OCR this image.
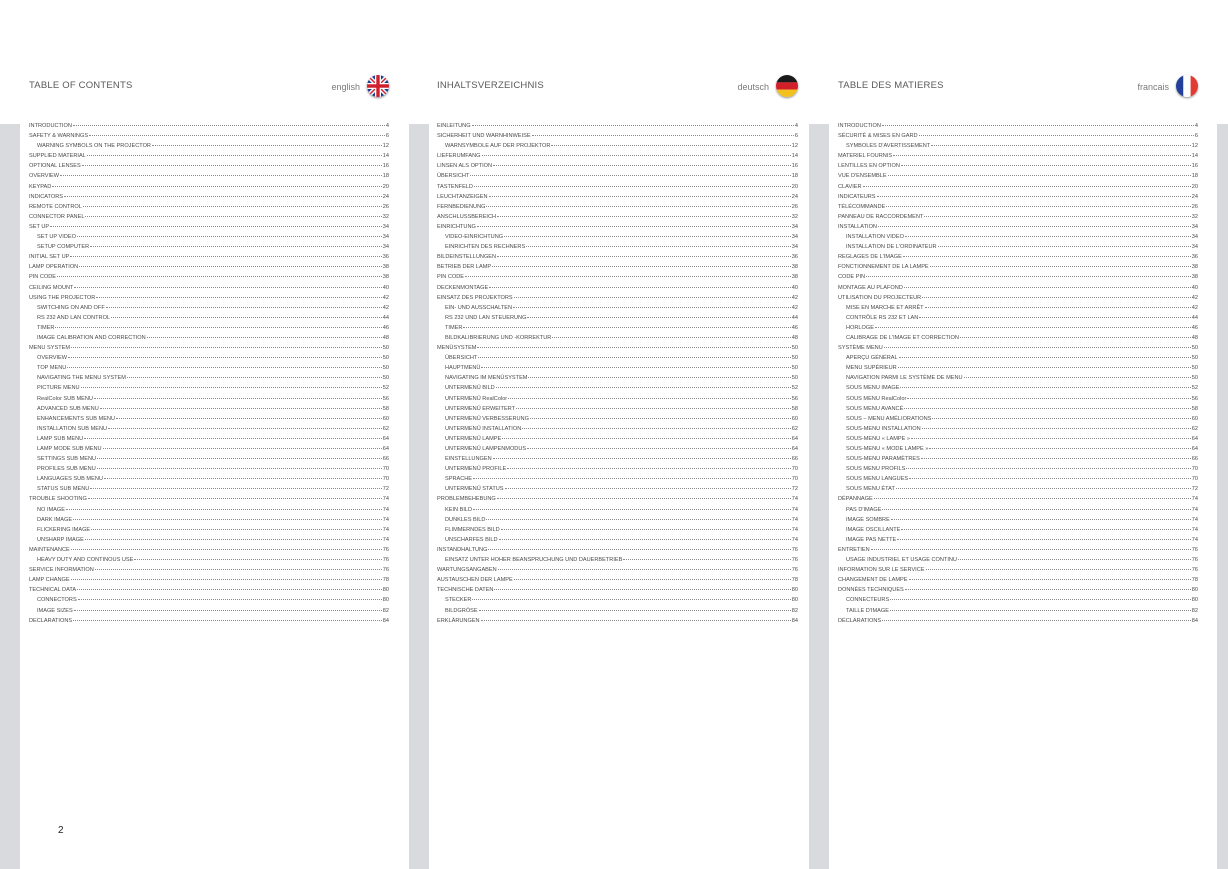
TABLE OF CONTENTS	english
INTRODUCTION	4
SAFETY & WARNINGS	6
WARNING SYMBOLS ON THE PROJECTOR	12
SUPPLIED MATERIAL	14
OPTIONAL LENSES	16
OVERVIEW	18
KEYPAD	20
INDICATORS	24
REMOTE CONTROL	26
CONNECTOR PANEL	32
SET UP	34
SET UP VIDEO	34
SETUP COMPUTER	34
INITIAL SET UP	36
LAMP OPERATION	38
PIN CODE	38
CEILING MOUNT	40
USING THE PROJECTOR	42
SWITCHING ON AND OFF	42
RS 232 AND LAN CONTROL	44
TIMER	46
IMAGE CALIBRATION AND CORRECTION	48
MENU SYSTEM	50
OVERVIEW	50
TOP MENU	50
NAVIGATING THE MENU SYSTEM	50
PICTURE MENU	52
RealColor SUB MENU	56
ADVANCED SUB MENU	58
ENHANCEMENTS SUB MENU	60
INSTALLATION SUB MENU	62
LAMP SUB MENU	64
LAMP MODE SUB MENU	64
SETTINGS SUB MENU	66
PROFILES SUB MENU	70
LANGUAGES SUB MENU	70
STATUS SUB MENU	72
TROUBLE SHOOTING	74
NO IMAGE	74
DARK IMAGE	74
FLICKERING IMAGE	74
UNSHARP IMAGE	74
MAINTENANCE	76
HEAVY DUTY AND CONTINOUS USE	76
SERVICE INFORMATION	76
LAMP CHANGE	78
TECHNICAL DATA	80
CONNECTORS	80
IMAGE SIZES	82
DECLARATIONS	84
INHALTSVERZEICHNIS	deutsch
EINLEITUNG	4
SICHERHEIT UND WARNHINWEISE	6
WARNSYMBOLE AUF DER PROJEKTOR	12
LIEFERUMFANG	14
LINSEN ALS OPTION	16
ÜBERSICHT	18
TASTENFELD	20
LEUCHTANZEIGEN	24
FERNBEDIENUNG	26
ANSCHLUSSBEREICH	32
EINRICHTUNG	34
VIDEO-EINRICHTUNG	34
EINRICHTEN DES RECHNERS	34
BILDEINSTELLUNGEN	36
BETRIEB DER LAMP	38
PIN CODE	38
DECKENMONTAGE	40
EINSATZ DES PROJEKTORS	42
EIN- UND AUSSCHALTEN	42
RS 232 UND LAN STEUERUNG	44
TIMER	46
BILDKALIBRIERUNG UND -KORREKTUR	48
MENÜSYSTEM	50
ÜBERSICHT	50
HAUPTMENÜ	50
NAVIGATING IM MENÜSYSTEM	50
UNTERMENÜ BILD	52
UNTERMENÜ RealColor	56
UNTERMENÜ ERWEITERT	58
UNTERMENÜ VERBESSERUNG	60
UNTERMENÜ INSTALLATION	62
UNTERMENÜ LAMPE	64
UNTERMENÜ LAMPENMODUS	64
EINSTELLUNGEN	66
UNTERMENÜ PROFILE	70
SPRACHE	70
UNTERMENÜ STATUS	72
PROBLEMBEHEBUNG	74
KEIN BILD	74
DUNKLES BILD	74
FLIMMERNDES BILD	74
UNSCHARFES BILD	74
INSTANDHALTUNG	76
EINSATZ UNTER HOHER BEANSPRUCHUNG UND DAUERBETRIEB	76
WARTUNGSANGABEN	76
AUSTAUSCHEN DER LAMPE	78
TECHNISCHE DATEN	80
STECKER	80
BILDGRÖSE	82
ERKLÄRUNGEN	84
TABLE DES MATIERES	francais
INTRODUCTION	4
SÉCURITÉ & MISES EN GARD	6
SYMBOLES D'AVERTISSEMENT	12
MATERIEL FOURNIS	14
LENTILLES EN OPTION	16
VUE D'ENSEMBLE	18
CLAVIER	20
INDICATEURS	24
TÉLÉCOMMANDE	26
PANNEAU DE RACCORDEMENT	32
INSTALLATION	34
INSTALLATION VIDEO	34
INSTALLATION DE L'ORDINATEUR	34
REGLAGES DE L'IMAGE	36
FONCTIONNEMENT DE LA LAMPE	38
CODE PIN	38
MONTAGE AU PLAFOND	40
UTILISATION DU PROJECTEUR	42
MISE EN MARCHE ET ARRÊT	42
CONTRÔLE RS 232 ET LAN	44
HORLOGE	46
CALIBRAGE DE L'IMAGE ET CORRECTION	48
SYSTÈME MENU	50
APERÇU GÉNÉRAL	50
MENU SUPÉRIEUR	50
NAVIGATION PARMI LE SYSTÈME DE MENU	50
SOUS MENU IMAGE	52
SOUS MENU RealColor	56
SOUS MENU AVANCÉ	58
SOUS – MENU AMÉLIORATIONS	60
SOUS-MENU INSTALLATION	62
SOUS-MENU « LAMPE »	64
SOUS-MENU « MODE LAMPE »	64
SOUS-MENU PARAMÈTRES	66
SOUS MENU PROFILS	70
SOUS MENU LANGUES	70
SOUS MENU ÉTAT	72
DÉPANNAGE	74
PAS D'IMAGE	74
IMAGE SOMBRE	74
IMAGE OSCILLANTE	74
IMAGE PAS NETTE	74
ENTRETIEN	76
USAGE INDUSTRIEL ET USAGE CONTINU	76
INFORMATION SUR LE SERVICE	76
CHANGEMENT DE LAMPE	78
DONNÉES TECHNIQUES	80
CONNECTEURS	80
TAILLE D'IMAGE	82
DÉCLARATIONS	84
2
